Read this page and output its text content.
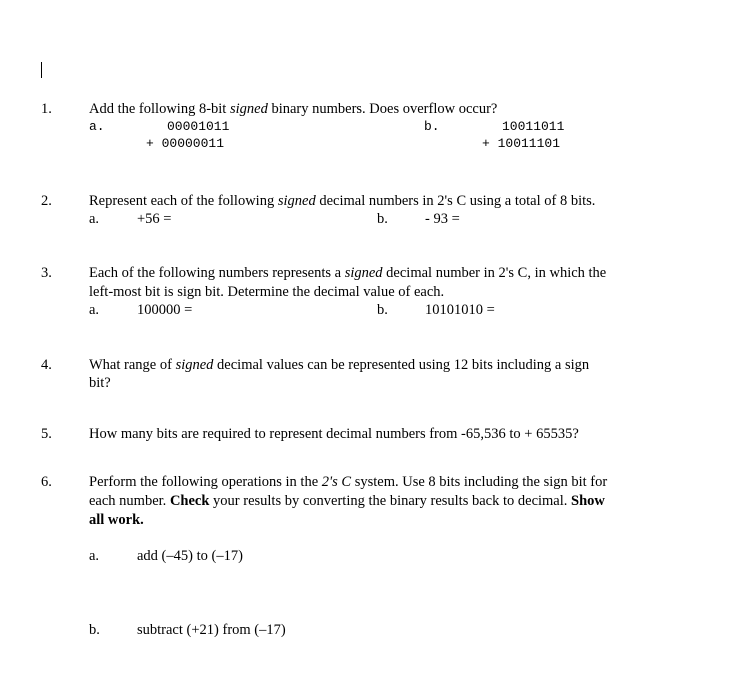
1.	Add the following 8-bit signed binary numbers. Does overflow occur?
a.	00001011
+ 00000011
b.	10011011
+ 10011101
2.	Represent each of the following signed decimal numbers in 2's C using a total of 8 bits.
a.	+56 =	b.	- 93 =
3.	Each of the following numbers represents a signed decimal number in 2's C, in which the
left-most bit is sign bit. Determine the decimal value of each.
a.	100000 =	b.	10101010 =
4.	What range of signed decimal values can be represented using 12 bits including a sign
bit?
5.	How many bits are required to represent decimal numbers from -65,536 to + 65535?
6.	Perform the following operations in the 2's C system. Use 8 bits including the sign bit for
each number. Check your results by converting the binary results back to decimal. Show
all work.
a.	add (–45) to (–17)
b.	subtract (+21) from (–17)
